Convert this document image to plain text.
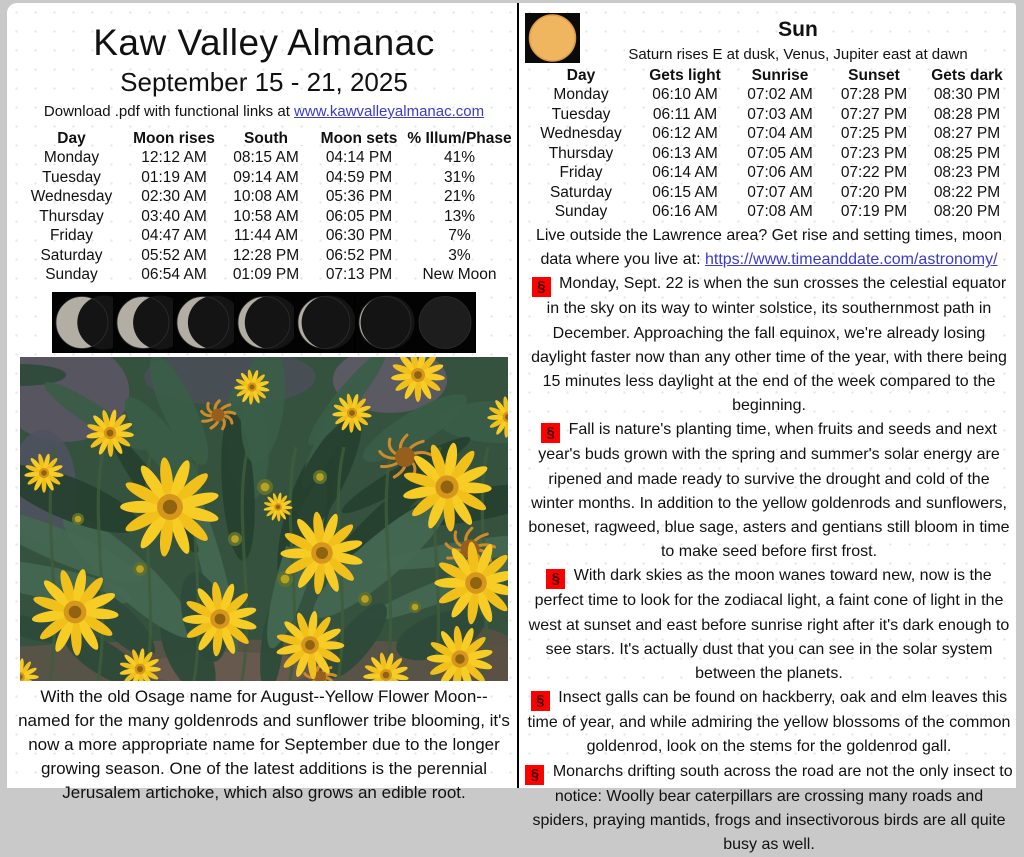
Kaw Valley Almanac
September 15 - 21, 2025
Download .pdf with functional links at www.kawvalleyalmanac.com
Day	Moon rises	South	Moon sets	% Illum/Phase
Monday	12:12 AM	08:15 AM	04:14 PM	41%
Tuesday	01:19 AM	09:14 AM	04:59 PM	31%
Wednesday	02:30 AM	10:08 AM	05:36 PM	21%
Thursday	03:40 AM	10:58 AM	06:05 PM	13%
Friday	04:47 AM	11:44 AM	06:30 PM	7%
Saturday	05:52 AM	12:28 PM	06:52 PM	3%
Sunday	06:54 AM	01:09 PM	07:13 PM	New Moon
With the old Osage name for August--Yellow Flower Moon--named for the many goldenrods and sunflower tribe blooming, it's now a more appropriate name for September due to the longer growing season. One of the latest additions is the perennial Jerusalem artichoke, which also grows an edible root.
Sun
Saturn rises E at dusk, Venus, Jupiter east at dawn
Day	Gets light	Sunrise	Sunset	Gets dark
Monday	06:10 AM	07:02 AM	07:28 PM	08:30 PM
Tuesday	06:11 AM	07:03 AM	07:27 PM	08:28 PM
Wednesday	06:12 AM	07:04 AM	07:25 PM	08:27 PM
Thursday	06:13 AM	07:05 AM	07:23 PM	08:25 PM
Friday	06:14 AM	07:06 AM	07:22 PM	08:23 PM
Saturday	06:15 AM	07:07 AM	07:20 PM	08:22 PM
Sunday	06:16 AM	07:08 AM	07:19 PM	08:20 PM

Live outside the Lawrence area? Get rise and setting times, moon data where you live at: https://www.timeanddate.com/astronomy/

§ Monday, Sept. 22 is when the sun crosses the celestial equator in the sky on its way to winter solstice, its southernmost path in December. Approaching the fall equinox, we're already losing daylight faster now than any other time of the year, with there being 15 minutes less daylight at the end of the week compared to the beginning.

§ Fall is nature's planting time, when fruits and seeds and next year's buds grown with the spring and summer's solar energy are ripened and made ready to survive the drought and cold of the winter months. In addition to the yellow goldenrods and sunflowers, boneset, ragweed, blue sage, asters and gentians still bloom in time to make seed before first frost.

§ With dark skies as the moon wanes toward new, now is the perfect time to look for the zodiacal light, a faint cone of light in the west at sunset and east before sunrise right after it's dark enough to see stars. It's actually dust that you can see in the solar system between the planets.

§ Insect galls can be found on hackberry, oak and elm leaves this time of year, and while admiring the yellow blossoms of the common goldenrod, look on the stems for the goldenrod gall.

§ Monarchs drifting south across the road are not the only insect to notice: Woolly bear caterpillars are crossing many roads and spiders, praying mantids, frogs and insectivorous birds are all quite busy as well.
